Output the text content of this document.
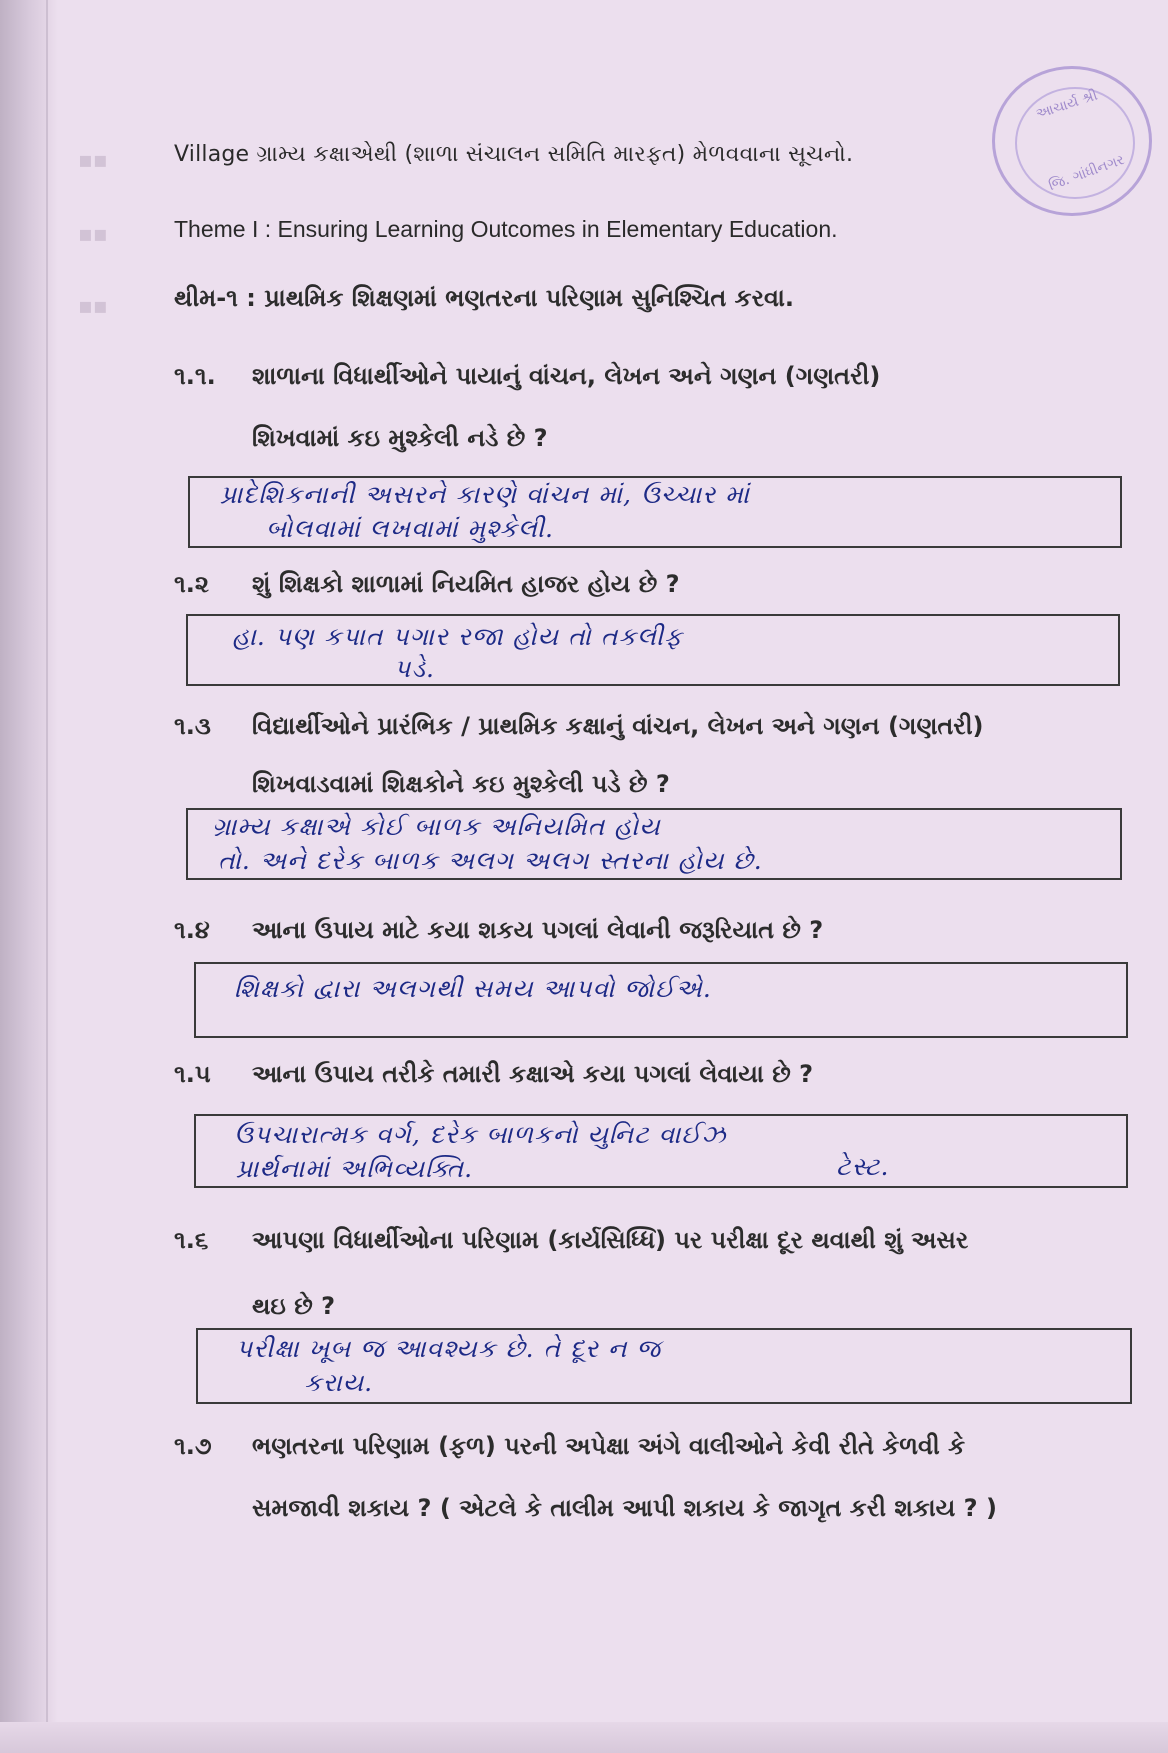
▪▪
▪▪
▪▪
આચાર્ય શ્રી
જિ. ગાંધીનગર
Village ગ્રામ્ય કક્ષાએથી (શાળા સંચાલન સમિતિ મારફત) મેળવવાના સૂચનો.
Theme I : Ensuring Learning Outcomes in Elementary Education.
થીમ-૧ : પ્રાથમિક શિક્ષણમાં ભણતરના પરિણામ સુનિશ્ચિત કરવા.
૧.૧. શાળાના વિધાર્થીઓને પાયાનું વાંચન, લેખન અને ગણન (ગણતરી)
શિખવામાં કઇ મુશ્કેલી નડે છે ?
પ્રાદેશિકનાની અસરને કારણે વાંચન માં, ઉચ્ચાર માં
બોલવામાં લખવામાં મુશ્કેલી.
૧.૨ શું શિક્ષકો શાળામાં નિયમિત હાજર હોય છે ?
હા. પણ કપાત પગાર રજા હોય તો તકલીફ
પડે.
૧.૩ વિદ્યાર્થીઓને પ્રારંભિક / પ્રાથમિક કક્ષાનું વાંચન, લેખન અને ગણન (ગણતરી)
શિખવાડવામાં શિક્ષકોને કઇ મુશ્કેલી પડે છે ?
ગ્રામ્ય કક્ષાએ કોઈ બાળક અનિયમિત હોય
તો. અને દરેક બાળક અલગ અલગ સ્તરના હોય છે.
૧.૪ આના ઉપાય માટે કયા શકય પગલાં લેવાની જરૂરિયાત છે ?
શિક્ષકો દ્વારા અલગથી સમય આપવો જોઈએ.
૧.૫ આના ઉપાય તરીકે તમારી કક્ષાએ કયા પગલાં લેવાયા છે ?
ઉપચારાત્મક વર્ગ, દરેક બાળકનો યુનિટ વાઈઝ
પ્રાર્થનામાં અભિવ્યક્તિ.	ટેસ્ટ.
૧.૬ આપણા વિધાર્થીઓના પરિણામ (કાર્યસિધ્ધિ) પર પરીક્ષા દૂર થવાથી શું અસર
થઇ છે ?
પરીક્ષા ખૂબ જ આવશ્યક છે. તે દૂર ન જ
કરાય.
૧.૭ ભણતરના પરિણામ (ફળ) પરની અપેક્ષા અંગે વાલીઓને કેવી રીતે કેળવી કે
સમજાવી શકાય ? ( એટલે કે તાલીમ આપી શકાય કે જાગૃત કરી શકાય ? )
